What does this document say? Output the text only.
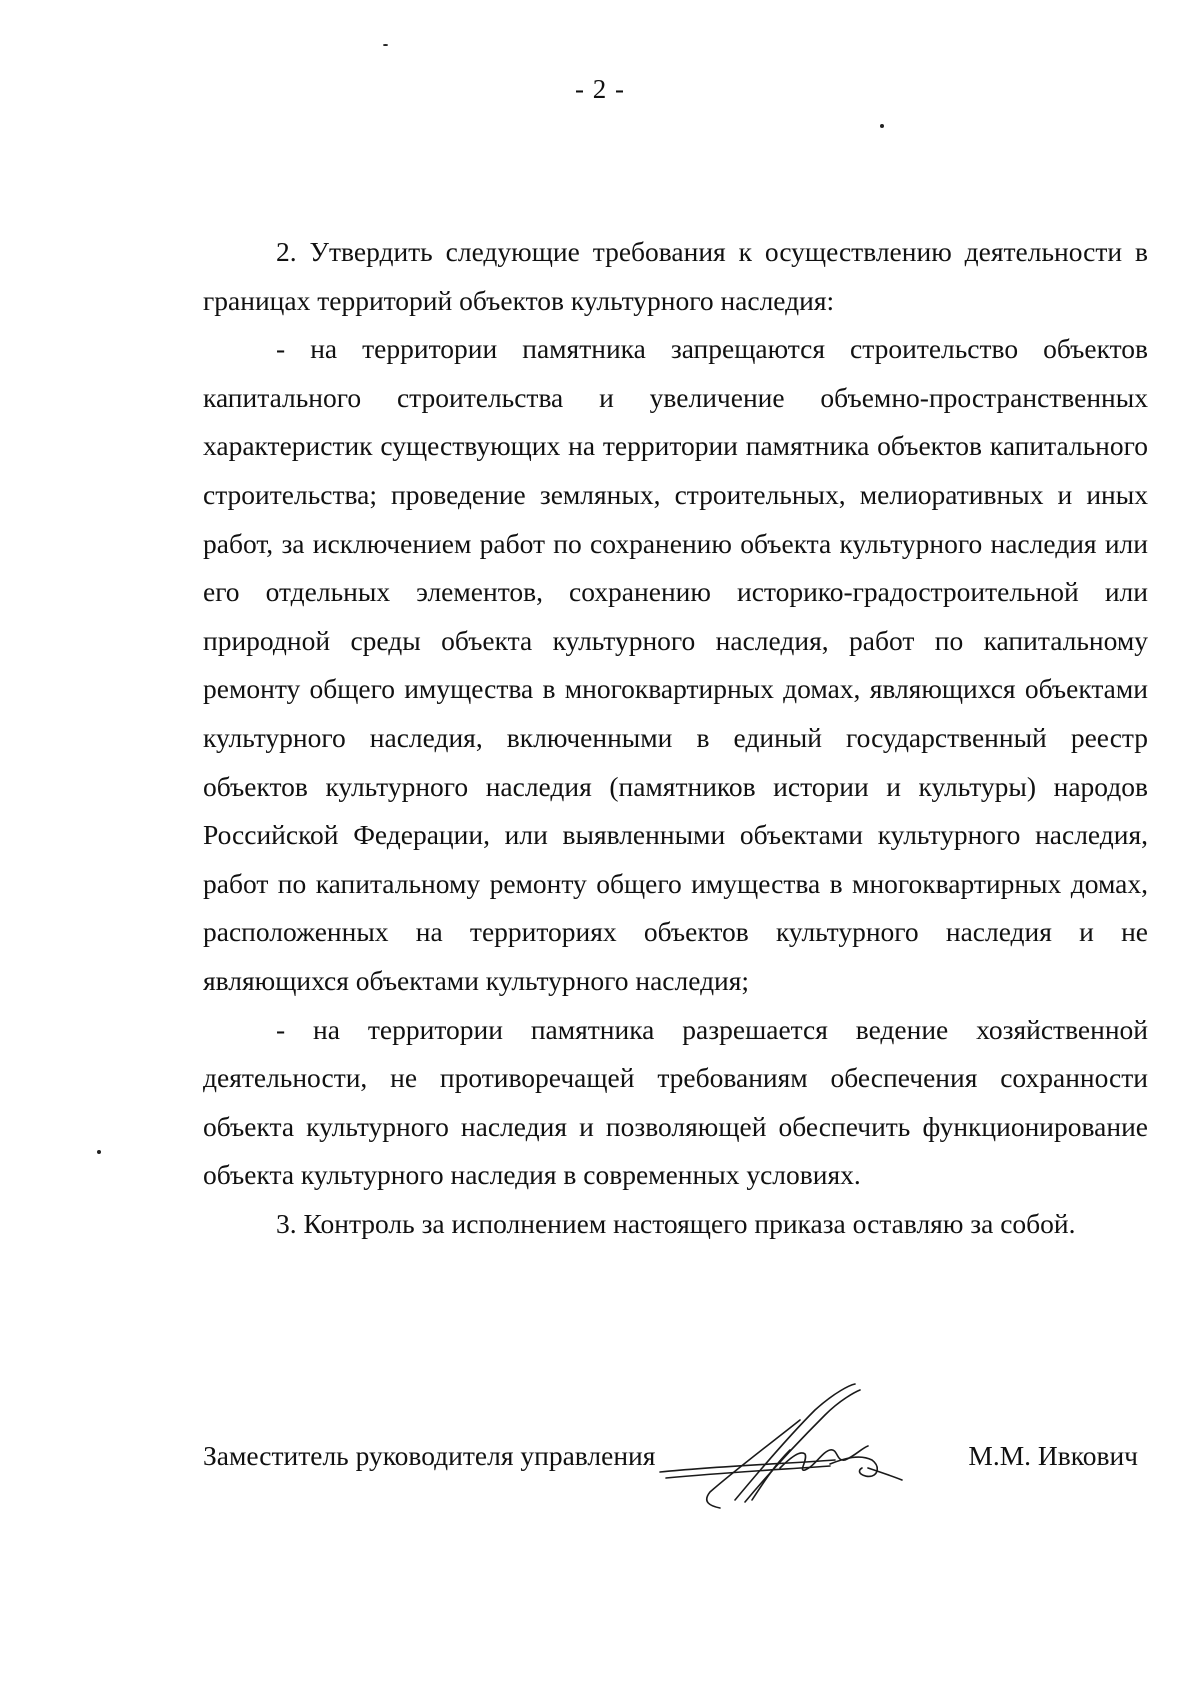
- 2 -

2. Утвердить следующие требования к осуществлению деятельности в границах территорий объектов культурного наследия:

- на территории памятника запрещаются строительство объектов капитального строительства и увеличение объемно-пространственных характеристик существующих на территории памятника объектов капитального строительства; проведение земляных, строительных, мелиоративных и иных работ, за исключением работ по сохранению объекта культурного наследия или его отдельных элементов, сохранению историко-градостроительной или природной среды объекта культурного наследия, работ по капитальному ремонту общего имущества в многоквартирных домах, являющихся объектами культурного наследия, включенными в единый государственный реестр объектов культурного наследия (памятников истории и культуры) народов Российской Федерации, или выявленными объектами культурного наследия, работ по капитальному ремонту общего имущества в многоквартирных домах, расположенных на территориях объектов культурного наследия и не являющихся объектами культурного наследия;

- на территории памятника разрешается ведение хозяйственной деятельности, не противоречащей требованиям обеспечения сохранности объекта культурного наследия и позволяющей обеспечить функционирование объекта культурного наследия в современных условиях.

3. Контроль за исполнением настоящего приказа оставляю за собой.

Заместитель руководителя управления	М.М. Ивкович
